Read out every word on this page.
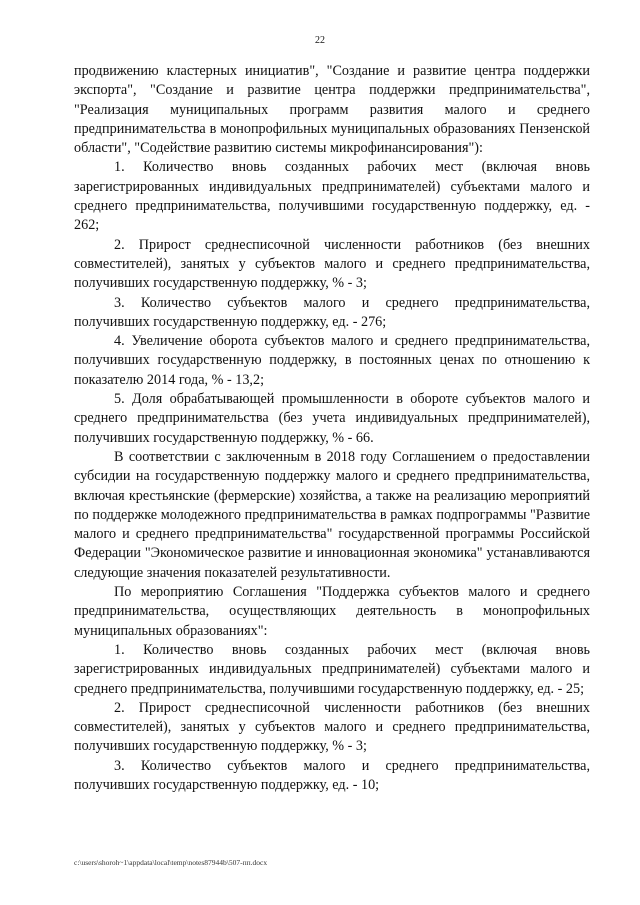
22

продвижению кластерных инициатив", "Создание и развитие центра поддержки экспорта", "Создание и развитие центра поддержки предпринимательства", "Реализация муниципальных программ развития малого и среднего предпринимательства в монопрофильных муниципальных образованиях Пензенской области", "Содействие развитию системы микрофинансирования"):

1. Количество вновь созданных рабочих мест (включая вновь зарегистрированных индивидуальных предпринимателей) субъектами малого и среднего предпринимательства, получившими государственную поддержку, ед. - 262;

2. Прирост среднесписочной численности работников (без внешних совместителей), занятых у субъектов малого и среднего предпринимательства, получивших государственную поддержку, % - 3;

3. Количество субъектов малого и среднего предпринимательства, получивших государственную поддержку, ед. - 276;

4. Увеличение оборота субъектов малого и среднего предпринимательства, получивших государственную поддержку, в постоянных ценах по отношению к показателю 2014 года, % - 13,2;

5. Доля обрабатывающей промышленности в обороте субъектов малого и среднего предпринимательства (без учета индивидуальных предпринимателей), получивших государственную поддержку, % - 66.

В соответствии с заключенным в 2018 году Соглашением о предоставлении субсидии на государственную поддержку малого и среднего предпринимательства, включая крестьянские (фермерские) хозяйства, а также на реализацию мероприятий по поддержке молодежного предпринимательства в рамках подпрограммы "Развитие малого и среднего предпринимательства" государственной программы Российской Федерации "Экономическое развитие и инновационная экономика" устанавливаются следующие значения показателей результативности.

По мероприятию Соглашения "Поддержка субъектов малого и среднего предпринимательства, осуществляющих деятельность в монопрофильных муниципальных образованиях":

1. Количество вновь созданных рабочих мест (включая вновь зарегистрированных индивидуальных предпринимателей) субъектами малого и среднего предпринимательства, получившими государственную поддержку, ед. - 25;

2. Прирост среднесписочной численности работников (без внешних совместителей), занятых у субъектов малого и среднего предпринимательства, получивших государственную поддержку, % - 3;

3. Количество субъектов малого и среднего предпринимательства, получивших государственную поддержку, ед. - 10;

c:\users\shoroh~1\appdata\local\temp\notes87944b\507-пп.docx
